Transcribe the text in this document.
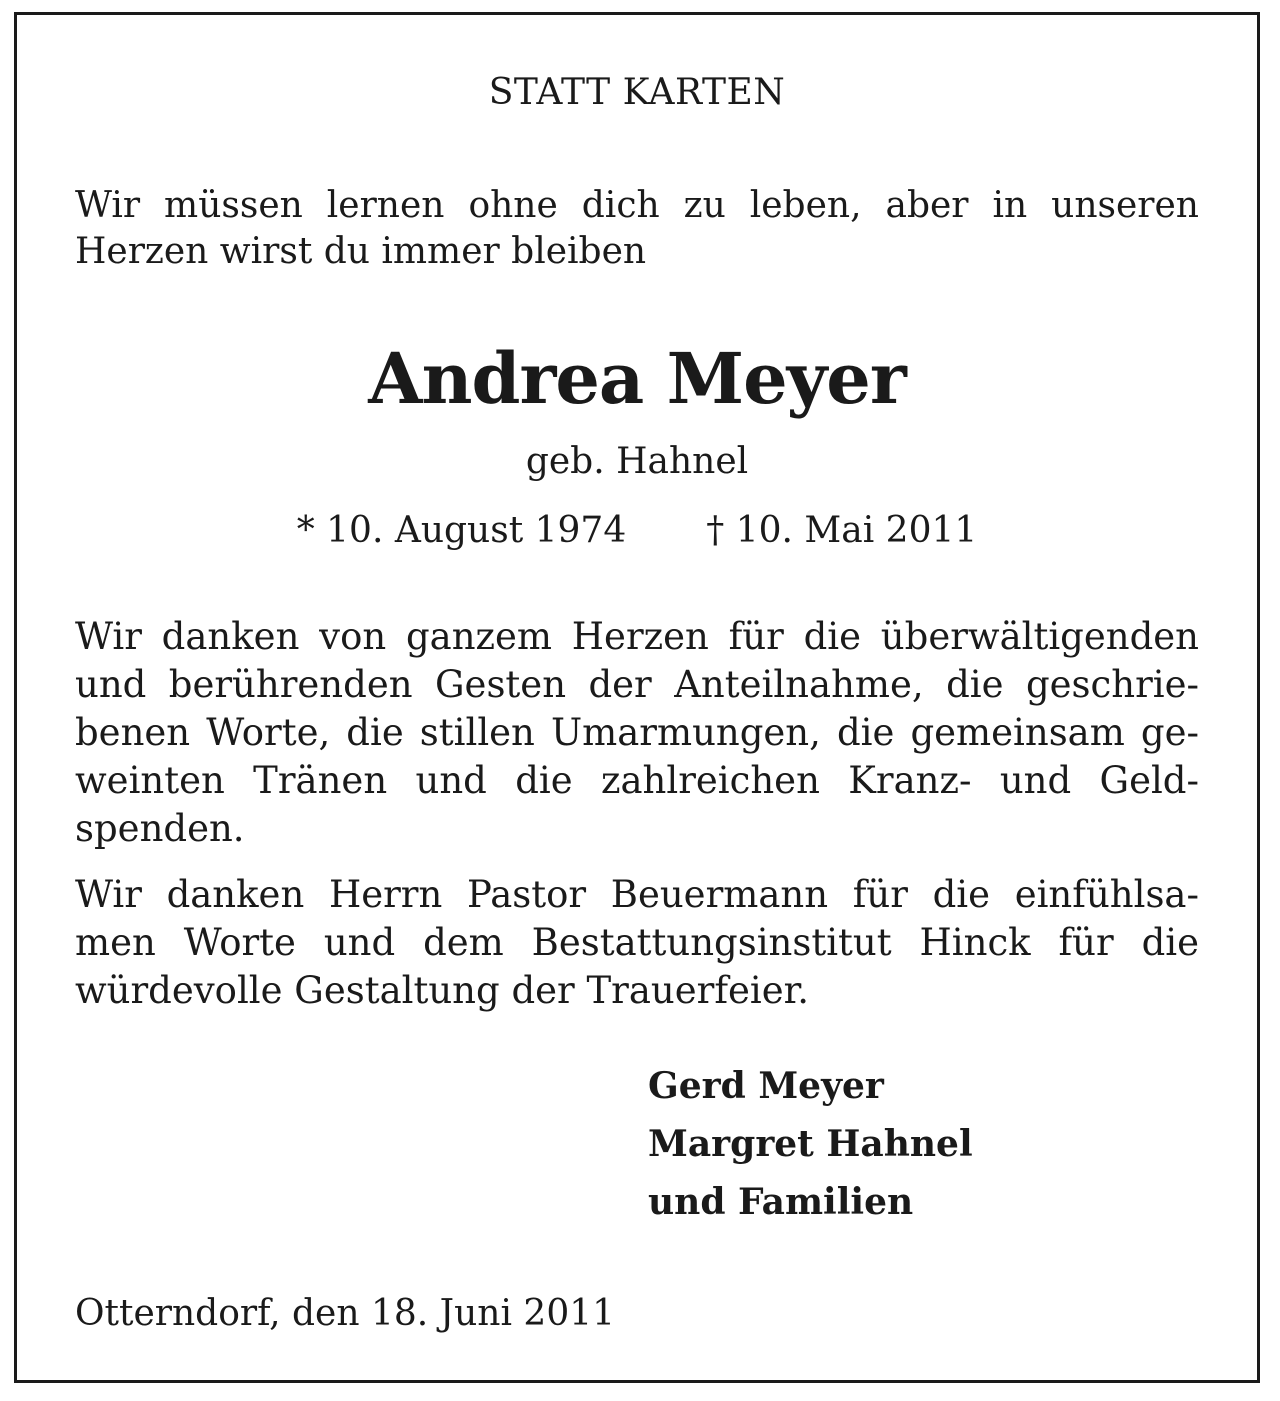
STATT KARTEN
Wir müssen lernen ohne dich zu leben, aber in unseren
Herzen wirst du immer bleiben
Andrea Meyer
geb. Hahnel
* 10. August 1974 † 10. Mai 2011
Wir danken von ganzem Herzen für die überwältigenden
und berührenden Gesten der Anteilnahme, die geschrie-
benen Worte, die stillen Umarmungen, die gemeinsam ge-
weinten Tränen und die zahlreichen Kranz- und Geld-
spenden.
Wir danken Herrn Pastor Beuermann für die einfühlsa-
men Worte und dem Bestattungsinstitut Hinck für die
würdevolle Gestaltung der Trauerfeier.
Gerd Meyer
Margret Hahnel
und Familien
Otterndorf, den 18. Juni 2011
